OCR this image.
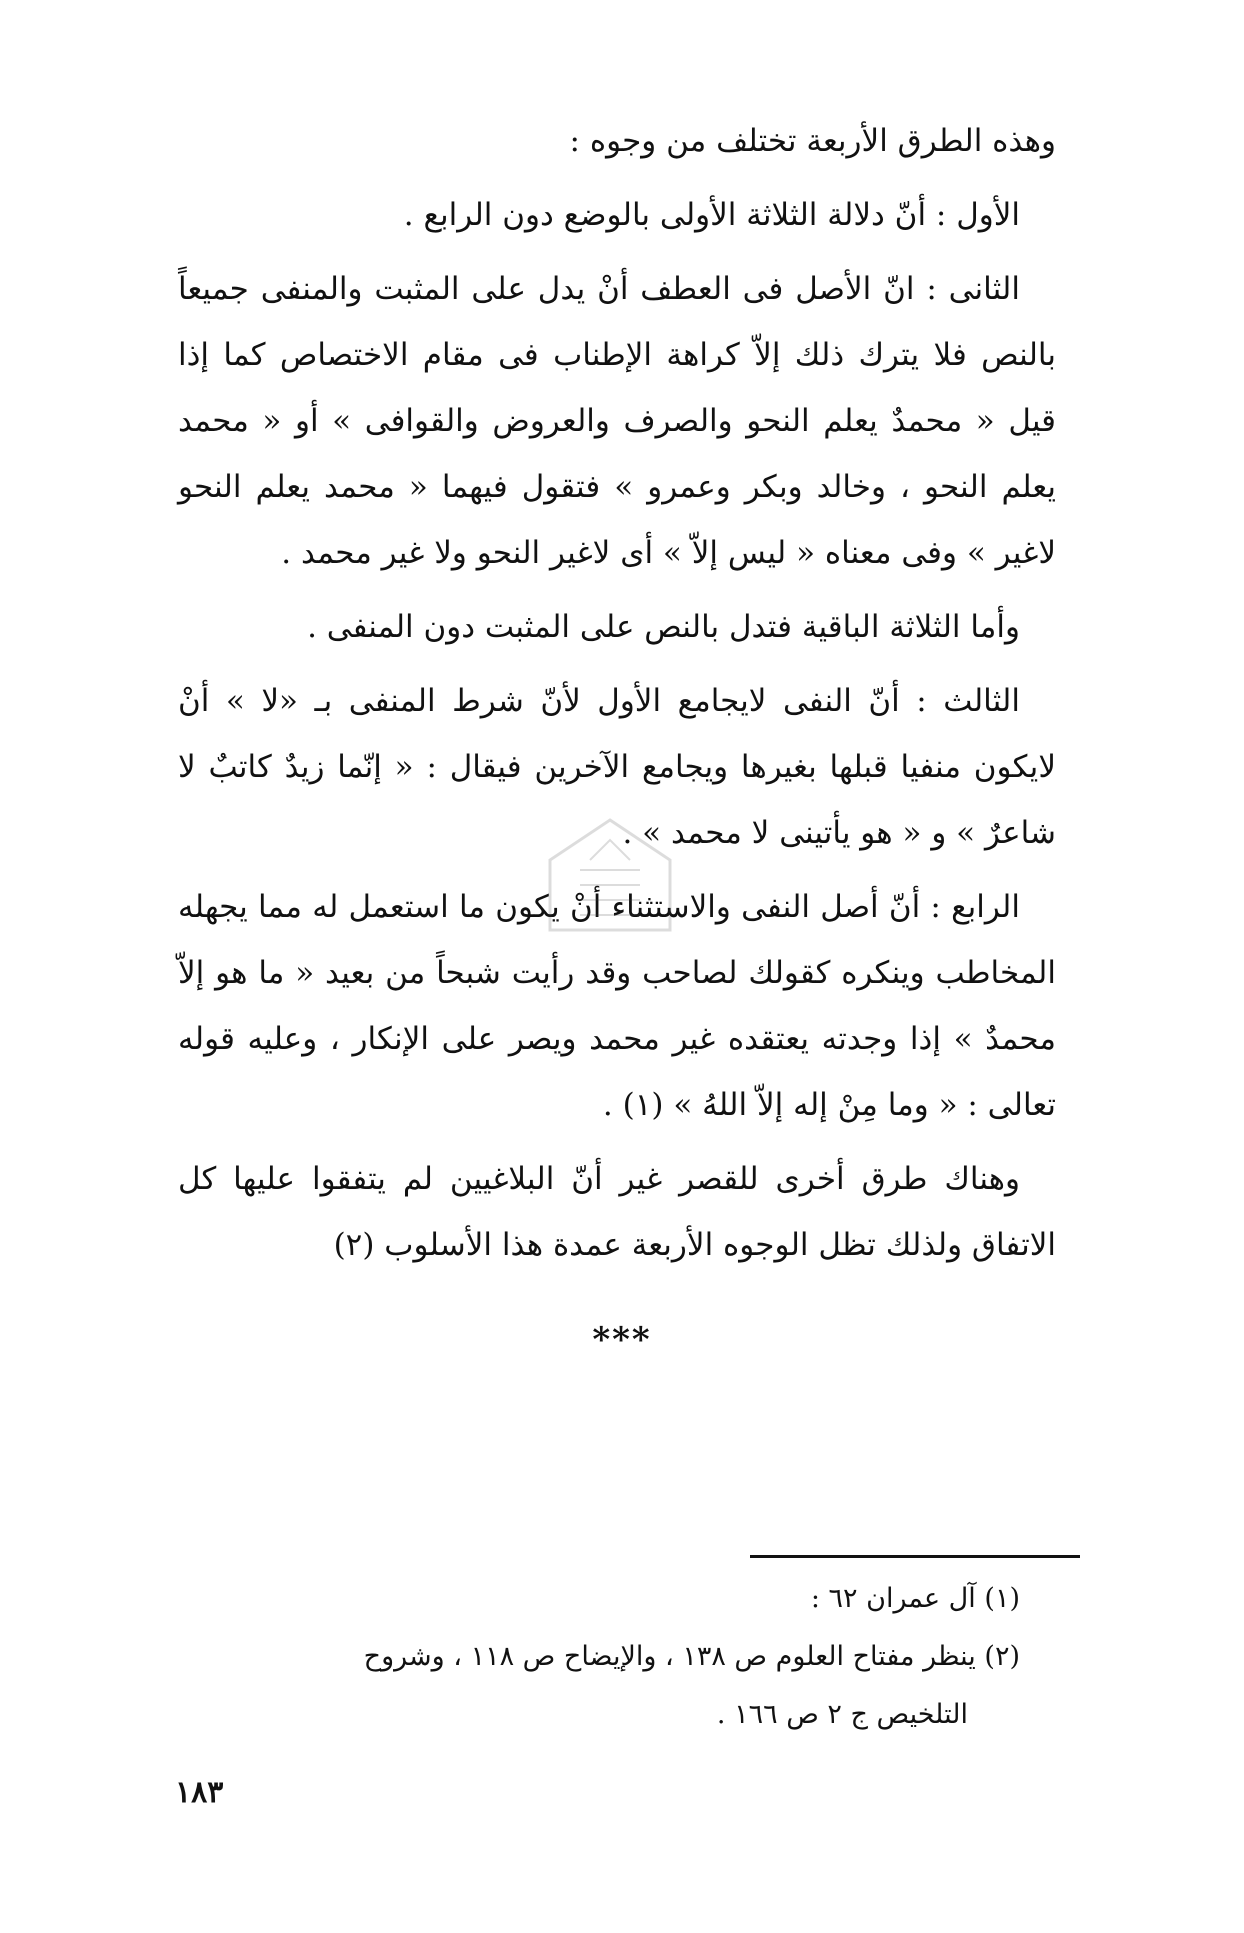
وهذه الطرق الأربعة تختلف من وجوه :

الأول : أنّ دلالة الثلاثة الأولى بالوضع دون الرابع .

الثانى : انّ الأصل فى العطف أنْ يدل على المثبت والمنفى جميعاً بالنص فلا يترك ذلك إلاّ كراهة الإطناب فى مقام الاختصاص كما إذا قيل « محمدٌ يعلم النحو والصرف والعروض والقوافى » أو « محمد يعلم النحو ، وخالد وبكر وعمرو » فتقول فيهما « محمد يعلم النحو لاغير » وفى معناه « ليس إلاّ » أى لاغير النحو ولا غير محمد .

وأما الثلاثة الباقية فتدل بالنص على المثبت دون المنفى .

الثالث : أنّ النفى لايجامع الأول لأنّ شرط المنفى بـ «لا » أنْ لايكون منفيا قبلها بغيرها ويجامع الآخرين فيقال : « إنّما زيدٌ كاتبٌ لا شاعرٌ » و « هو يأتينى لا محمد » .

الرابع : أنّ أصل النفى والاستثناء أنْ يكون ما استعمل له مما يجهله المخاطب وينكره كقولك لصاحب وقد رأيت شبحاً من بعيد « ما هو إلاّ محمدٌ » إذا وجدته يعتقده غير محمد ويصر على الإنكار ، وعليه قوله تعالى : « وما مِنْ إله إلاّ اللهُ » (١) .

وهناك طرق أخرى للقصر غير أنّ البلاغيين لم يتفقوا عليها كل الاتفاق ولذلك تظل الوجوه الأربعة عمدة هذا الأسلوب (٢)

***

(١) آل عمران ٦٢ :

(٢) ينظر مفتاح العلوم ص ١٣٨ ، والإيضاح ص ١١٨ ، وشروح
التلخيص ج ٢ ص ١٦٦ .

١٨٣
